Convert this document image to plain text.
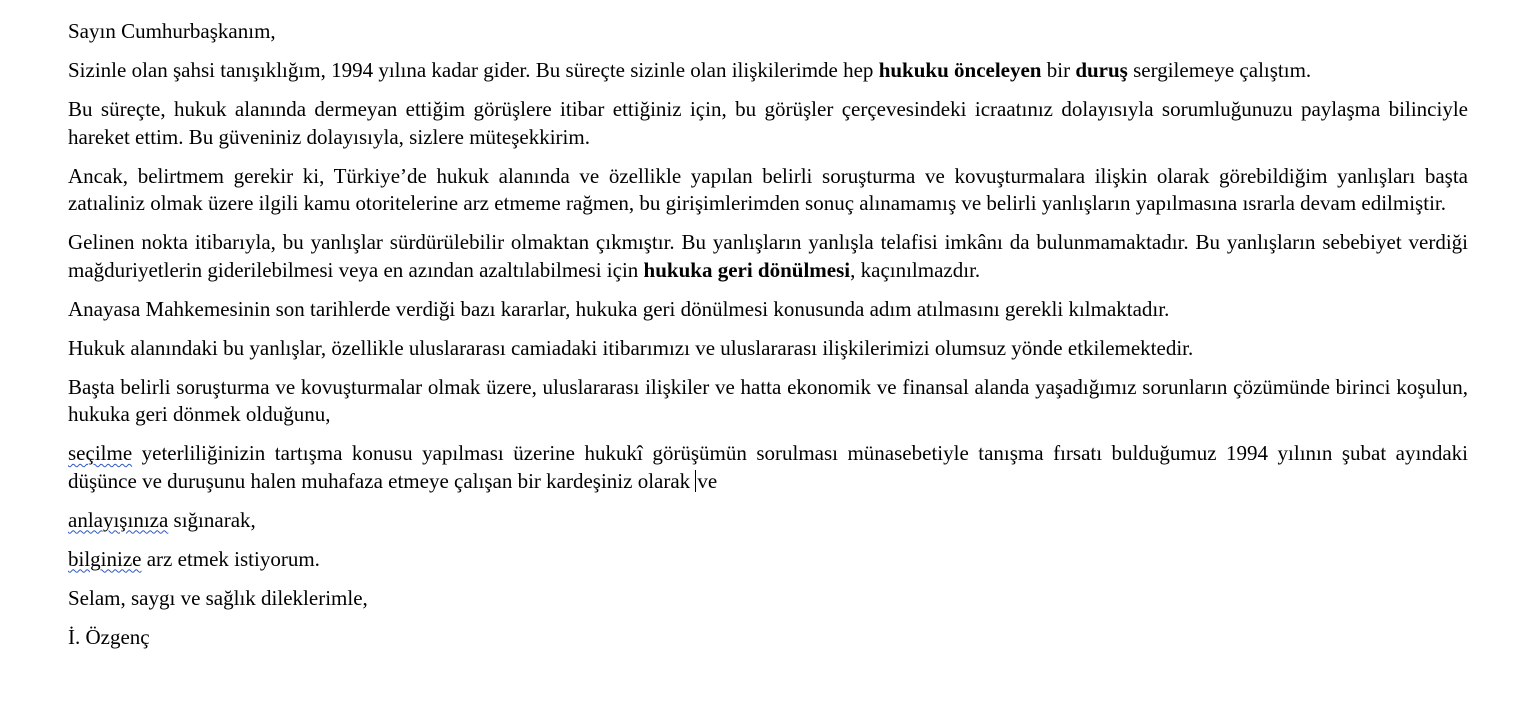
Sayın Cumhurbaşkanım,

Sizinle olan şahsi tanışıklığım, 1994 yılına kadar gider. Bu süreçte sizinle olan ilişkilerimde hep hukuku önceleyen bir duruş sergilemeye çalıştım.

Bu süreçte, hukuk alanında dermeyan ettiğim görüşlere itibar ettiğiniz için, bu görüşler çerçevesindeki icraatınız dolayısıyla sorumluğunuzu paylaşma bilinciyle hareket ettim. Bu güveniniz dolayısıyla, sizlere müteşekkirim.

Ancak, belirtmem gerekir ki, Türkiye’de hukuk alanında ve özellikle yapılan belirli soruşturma ve kovuşturmalara ilişkin olarak görebildiğim yanlışları başta zatıaliniz olmak üzere ilgili kamu otoritelerine arz etmeme rağmen, bu girişimlerimden sonuç alınamamış ve belirli yanlışların yapılmasına ısrarla devam edilmiştir.

Gelinen nokta itibarıyla, bu yanlışlar sürdürülebilir olmaktan çıkmıştır. Bu yanlışların yanlışla telafisi imkânı da bulunmamaktadır. Bu yanlışların sebebiyet verdiği mağduriyetlerin giderilebilmesi veya en azından azaltılabilmesi için hukuka geri dönülmesi, kaçınılmazdır.

Anayasa Mahkemesinin son tarihlerde verdiği bazı kararlar, hukuka geri dönülmesi konusunda adım atılmasını gerekli kılmaktadır.

Hukuk alanındaki bu yanlışlar, özellikle uluslararası camiadaki itibarımızı ve uluslararası ilişkilerimizi olumsuz yönde etkilemektedir.

Başta belirli soruşturma ve kovuşturmalar olmak üzere, uluslararası ilişkiler ve hatta ekonomik ve finansal alanda yaşadığımız sorunların çözümünde birinci koşulun, hukuka geri dönmek olduğunu,

seçilme yeterliliğinizin tartışma konusu yapılması üzerine hukukî görüşümün sorulması münasebetiyle tanışma fırsatı bulduğumuz 1994 yılının şubat ayındaki düşünce ve duruşunu halen muhafaza etmeye çalışan bir kardeşiniz olarak ve

anlayışınıza sığınarak,

bilginize arz etmek istiyorum.

Selam, saygı ve sağlık dileklerimle,

İ. Özgenç
